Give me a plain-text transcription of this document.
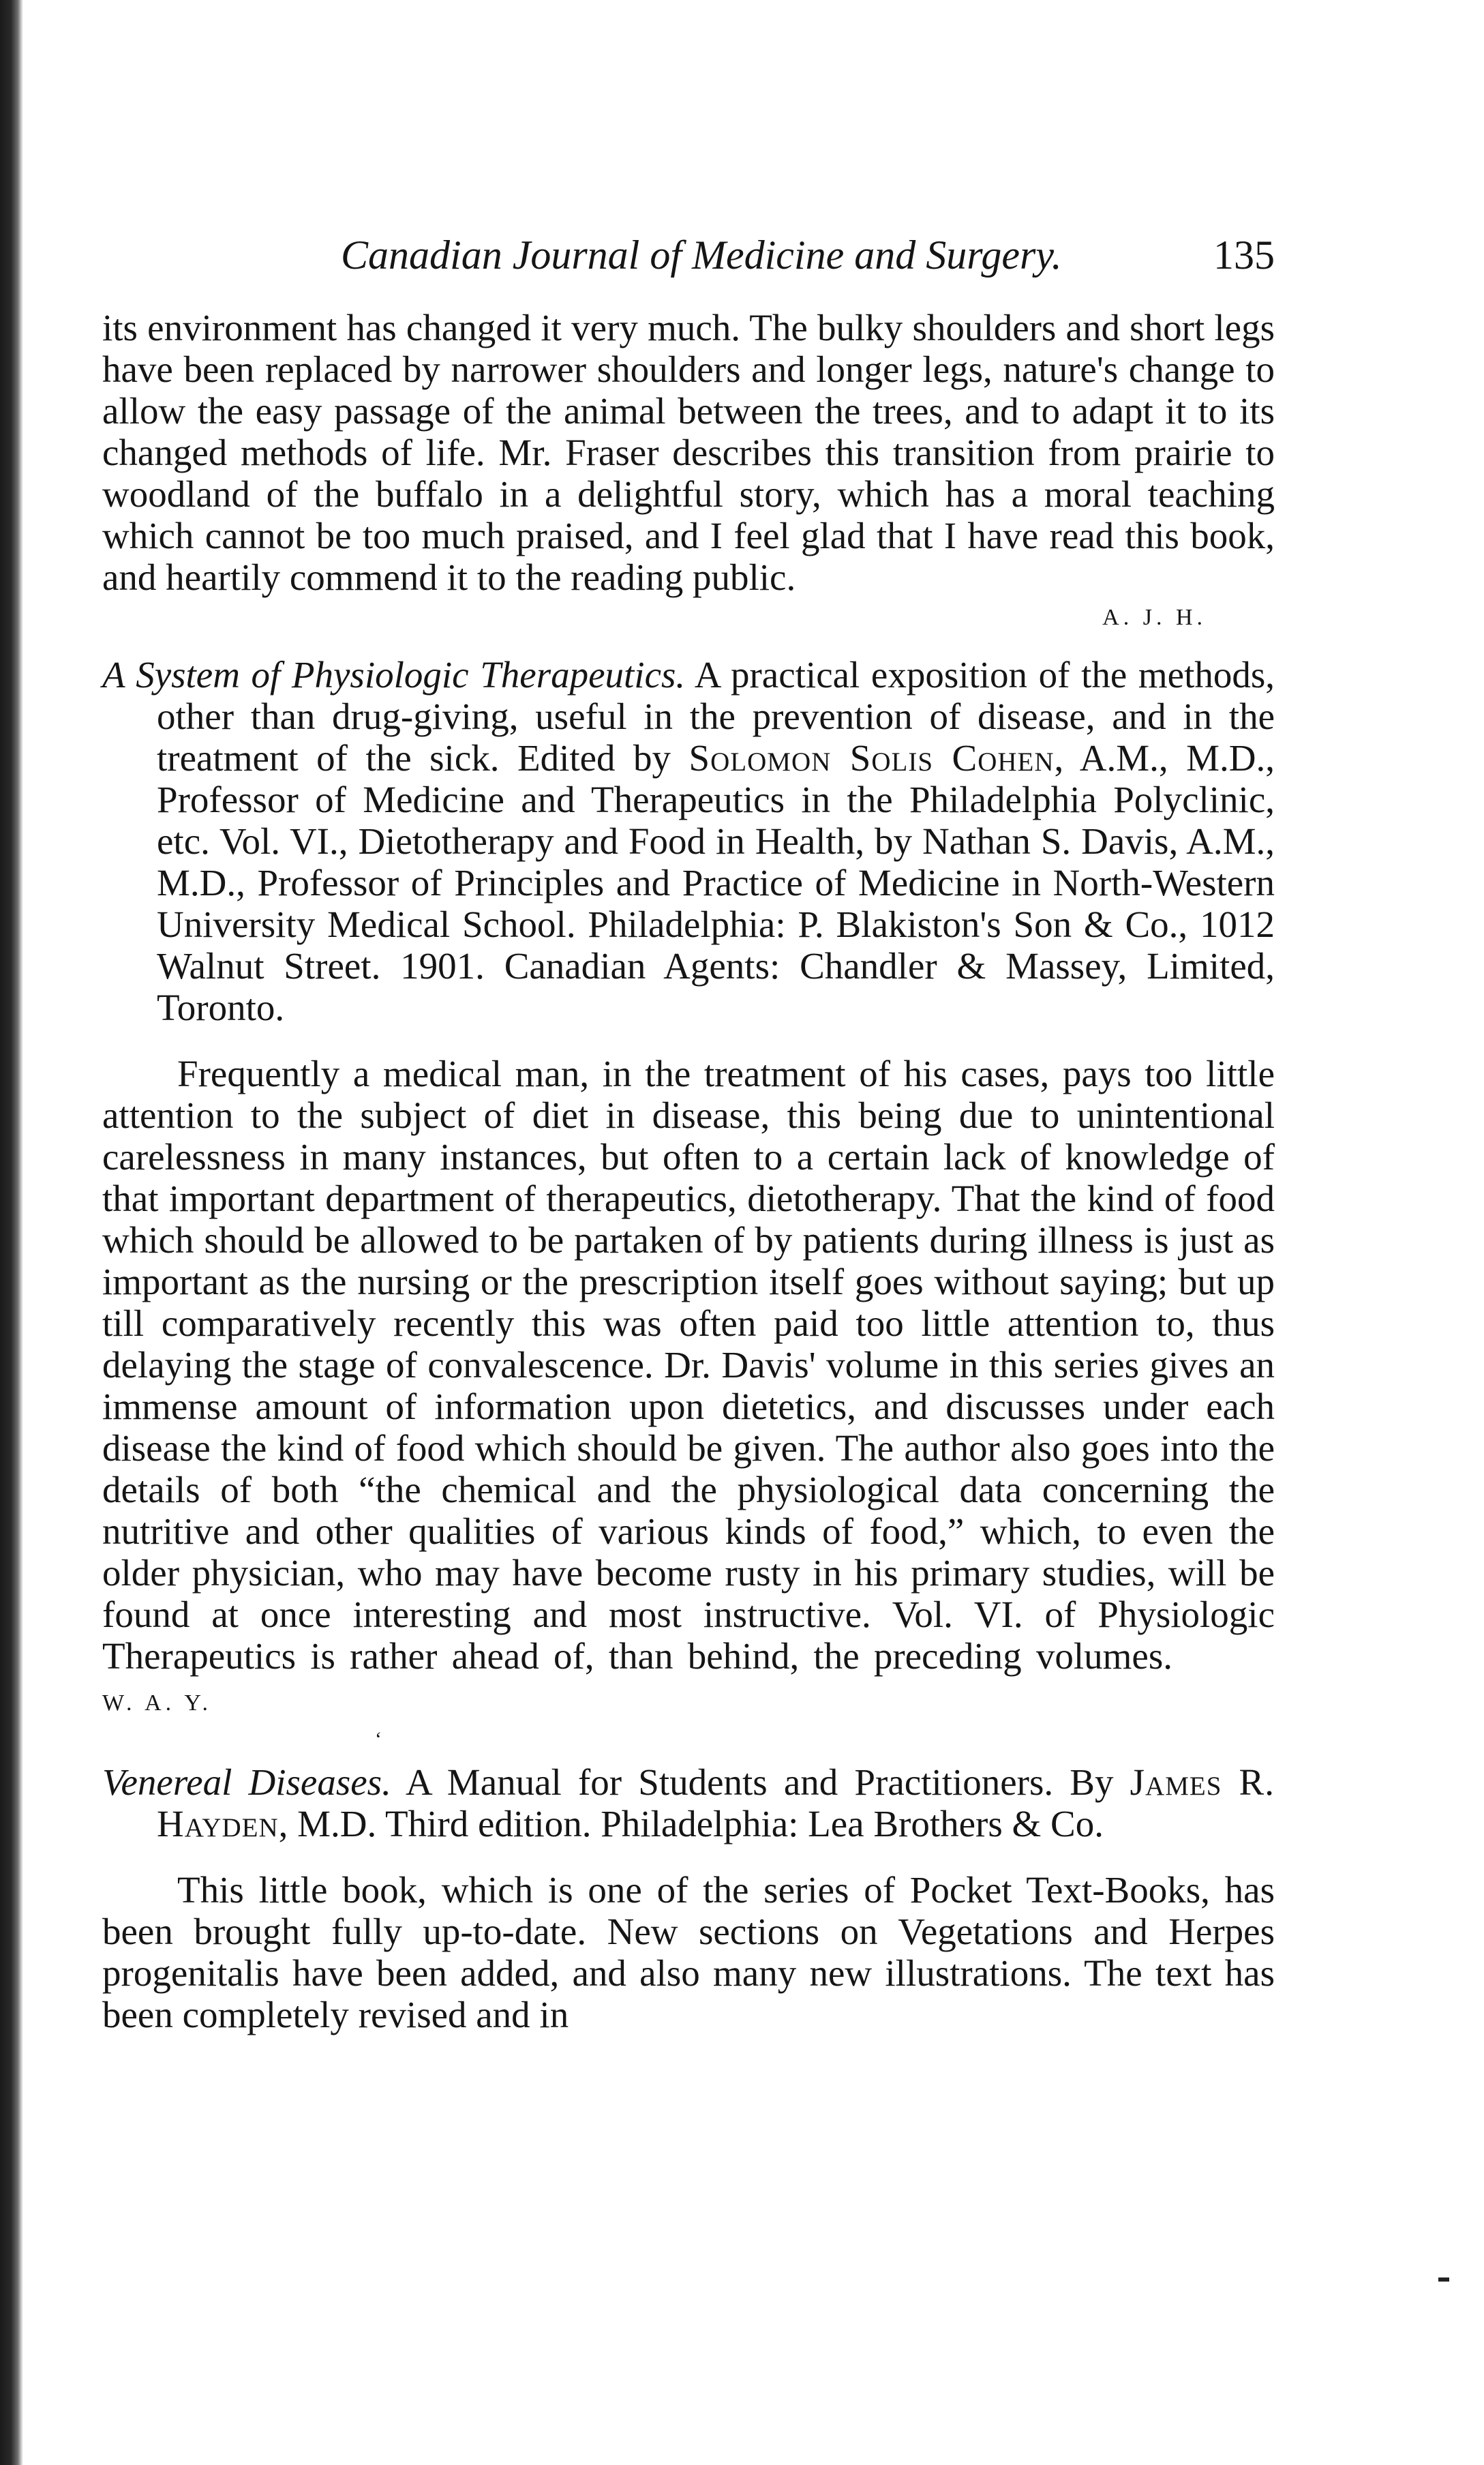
Canadian Journal of Medicine and Surgery.	135

its environment has changed it very much. The bulky shoulders and short legs have been replaced by narrower shoulders and longer legs, nature's change to allow the easy passage of the animal between the trees, and to adapt it to its changed methods of life. Mr. Fraser describes this transition from prairie to woodland of the buffalo in a delightful story, which has a moral teaching which cannot be too much praised, and I feel glad that I have read this book, and heartily commend it to the reading public.

A. J. H.

A System of Physiologic Therapeutics. A practical exposition of the methods, other than drug-giving, useful in the prevention of disease, and in the treatment of the sick. Edited by Solomon Solis Cohen, A.M., M.D., Professor of Medicine and Therapeutics in the Philadelphia Polyclinic, etc. Vol. VI., Dietotherapy and Food in Health, by Nathan S. Davis, A.M., M.D., Professor of Principles and Practice of Medicine in North-Western University Medical School. Philadelphia: P. Blakiston's Son & Co., 1012 Walnut Street. 1901. Canadian Agents: Chandler & Massey, Limited, Toronto.

Frequently a medical man, in the treatment of his cases, pays too little attention to the subject of diet in disease, this being due to unintentional carelessness in many instances, but often to a certain lack of knowledge of that important department of therapeutics, dietotherapy. That the kind of food which should be allowed to be partaken of by patients during illness is just as important as the nursing or the prescription itself goes without saying; but up till comparatively recently this was often paid too little attention to, thus delaying the stage of convalescence. Dr. Davis' volume in this series gives an immense amount of information upon dietetics, and discusses under each disease the kind of food which should be given. The author also goes into the details of both “the chemical and the physiological data concerning the nutritive and other qualities of various kinds of food,” which, to even the older physician, who may have become rusty in his primary studies, will be found at once interesting and most instructive. Vol. VI. of Physiologic Therapeutics is rather ahead of, than behind, the preceding volumes.W. A. Y.

ʻ

Venereal Diseases. A Manual for Students and Practitioners. By James R. Hayden, M.D. Third edition. Philadelphia: Lea Brothers & Co.

This little book, which is one of the series of Pocket Text-Books, has been brought fully up-to-date. New sections on Vegetations and Herpes progenitalis have been added, and also many new illustrations. The text has been completely revised and in
